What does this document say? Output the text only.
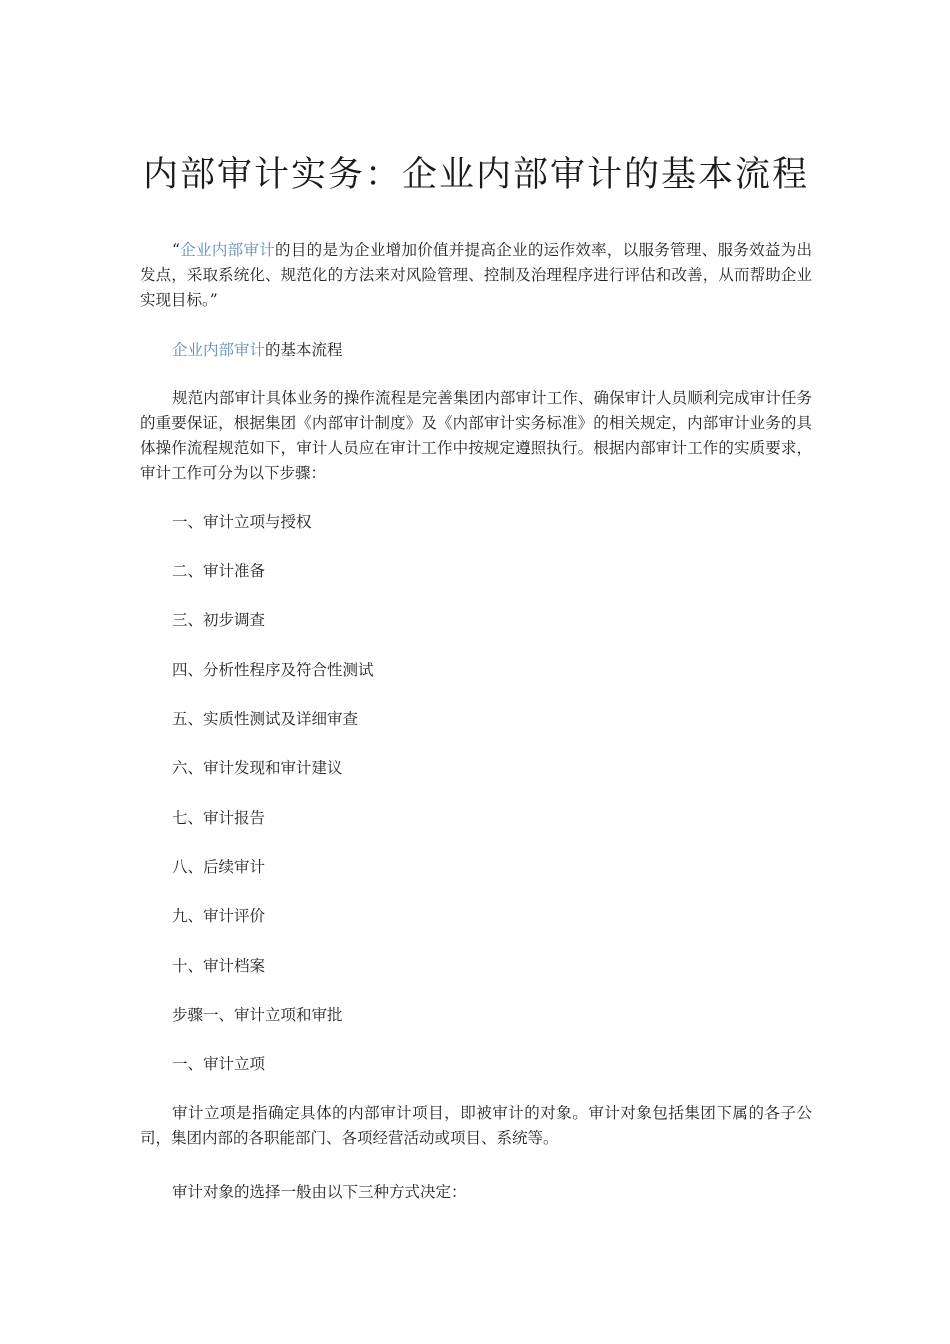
内部审计实务：企业内部审计的基本流程

“企业内部审计的目的是为企业增加价值并提高企业的运作效率，以服务管理、服务效益为出发点，采取系统化、规范化的方法来对风险管理、控制及治理程序进行评估和改善，从而帮助企业实现目标。”

企业内部审计的基本流程

规范内部审计具体业务的操作流程是完善集团内部审计工作、确保审计人员顺利完成审计任务的重要保证，根据集团《内部审计制度》及《内部审计实务标准》的相关规定，内部审计业务的具体操作流程规范如下，审计人员应在审计工作中按规定遵照执行。根据内部审计工作的实质要求，审计工作可分为以下步骤：

一、审计立项与授权

二、审计准备

三、初步调查

四、分析性程序及符合性测试

五、实质性测试及详细审查

六、审计发现和审计建议

七、审计报告

八、后续审计

九、审计评价

十、审计档案

步骤一、审计立项和审批

一、审计立项

审计立项是指确定具体的内部审计项目，即被审计的对象。审计对象包括集团下属的各子公司，集团内部的各职能部门、各项经营活动或项目、系统等。

审计对象的选择一般由以下三种方式决定：
